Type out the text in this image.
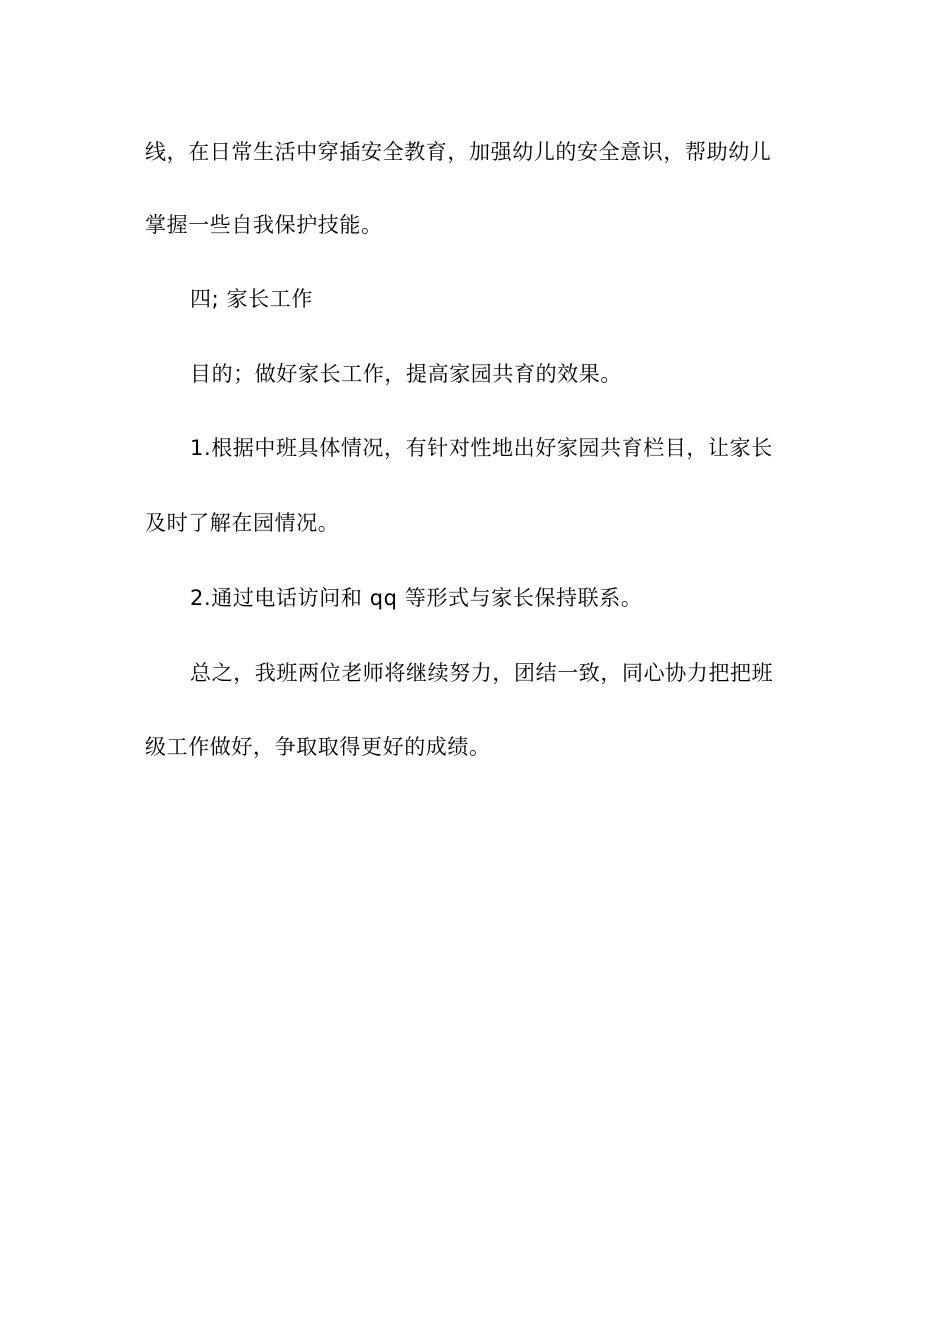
线，在日常生活中穿插安全教育，加强幼儿的安全意识，帮助幼儿
掌握一些自我保护技能。
四; 家长工作
目的；做好家长工作，提高家园共育的效果。
1.根据中班具体情况，有针对性地出好家园共育栏目，让家长
及时了解在园情况。
2.通过电话访问和 qq 等形式与家长保持联系。
总之，我班两位老师将继续努力，团结一致，同心协力把把班
级工作做好，争取取得更好的成绩。
